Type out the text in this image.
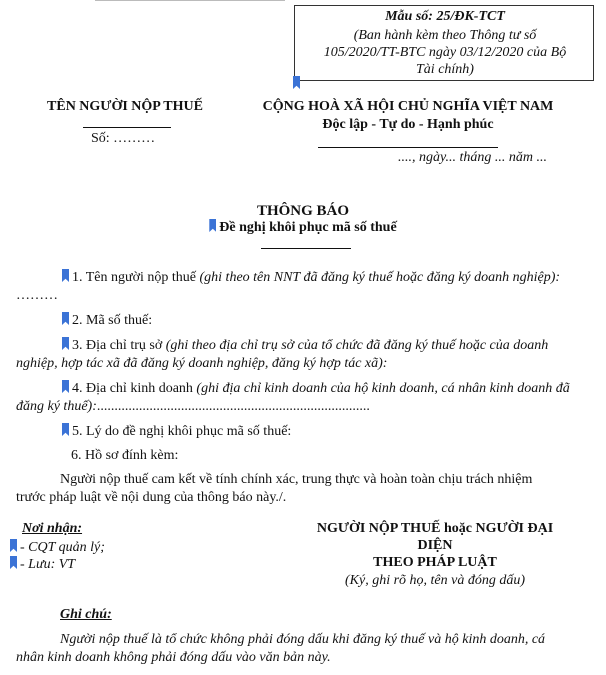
Mẫu số: 25/ĐK-TCT
(Ban hành kèm theo Thông tư số
105/2020/TT-BTC ngày 03/12/2020 của Bộ
Tài chính)
TÊN NGƯỜI NỘP THUẾ
Số: ………
CỘNG HOÀ XÃ HỘI CHỦ NGHĨA VIỆT NAM
Độc lập - Tự do - Hạnh phúc
...., ngày... tháng ... năm ...
THÔNG BÁO
Đề nghị khôi phục mã số thuế
1. Tên người nộp thuế (ghi theo tên NNT đã đăng ký thuế hoặc đăng ký doanh nghiệp):
………
2. Mã số thuế:
3. Địa chỉ trụ sở (ghi theo địa chỉ trụ sở của tổ chức đã đăng ký thuế hoặc của doanh
nghiệp, hợp tác xã đã đăng ký doanh nghiệp, đăng ký hợp tác xã):
4. Địa chỉ kinh doanh (ghi địa chỉ kinh doanh của hộ kinh doanh, cá nhân kinh doanh đã
đăng ký thuế):..............................................................................
5. Lý do đề nghị khôi phục mã số thuế:
6. Hồ sơ đính kèm:
Người nộp thuế cam kết về tính chính xác, trung thực và hoàn toàn chịu trách nhiệm
trước pháp luật về nội dung của thông báo này./.
Nơi nhận:
- CQT quản lý;
- Lưu: VT
NGƯỜI NỘP THUẾ hoặc NGƯỜI ĐẠI
DIỆN
THEO PHÁP LUẬT
(Ký, ghi rõ họ, tên và đóng dấu)
Ghi chú:
Người nộp thuế là tổ chức không phải đóng dấu khi đăng ký thuế và hộ kinh doanh, cá
nhân kinh doanh không phải đóng dấu vào văn bản này.
